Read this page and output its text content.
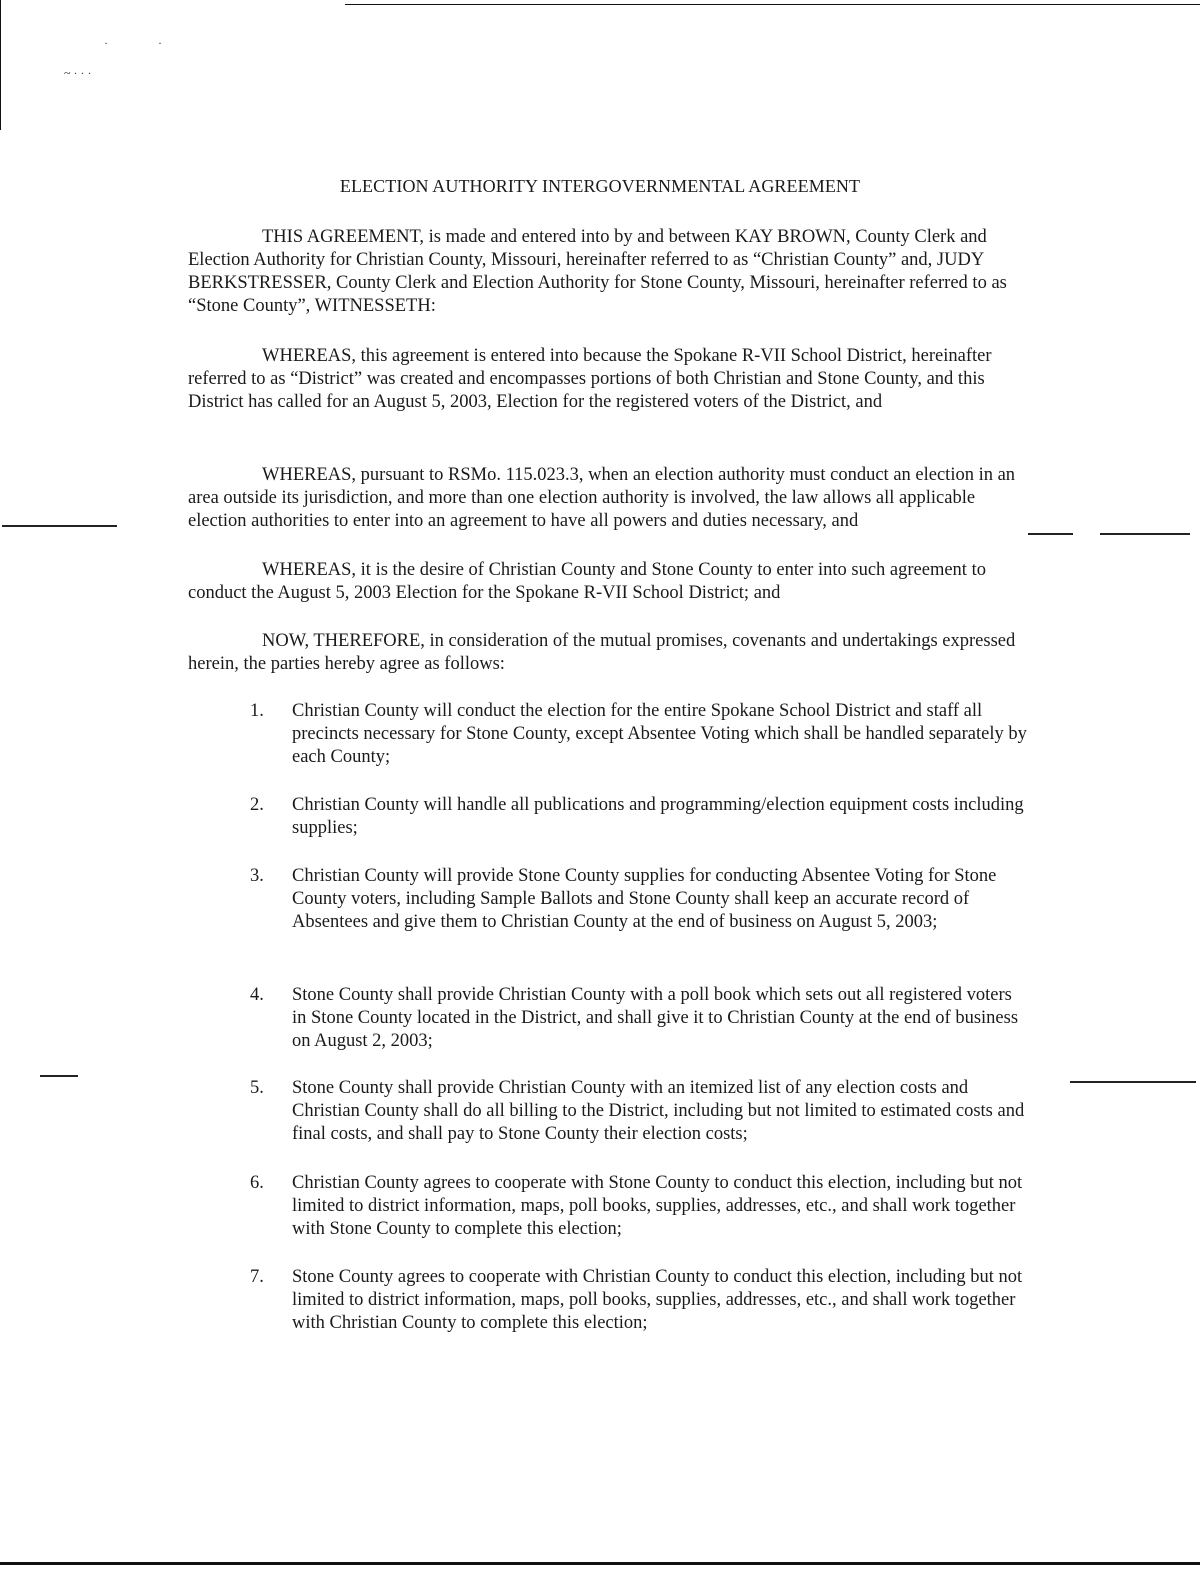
·	·
~ · · ·
ELECTION AUTHORITY INTERGOVERNMENTAL AGREEMENT

THIS AGREEMENT, is made and entered into by and between KAY BROWN, County Clerk and Election Authority for Christian County, Missouri, hereinafter referred to as “Christian County” and, JUDY BERKSTRESSER, County Clerk and Election Authority for Stone County, Missouri, hereinafter referred to as “Stone County”, WITNESSETH:

WHEREAS, this agreement is entered into because the Spokane R-VII School District, hereinafter referred to as “District” was created and encompasses portions of both Christian and Stone County, and this District has called for an August 5, 2003, Election for the registered voters of the District, and

WHEREAS, pursuant to RSMo. 115.023.3, when an election authority must conduct an election in an area outside its jurisdiction, and more than one election authority is involved, the law allows all applicable election authorities to enter into an agreement to have all powers and duties necessary, and

WHEREAS, it is the desire of Christian County and Stone County to enter into such agreement to conduct the August 5, 2003 Election for the Spokane R-VII School District; and

NOW, THEREFORE, in consideration of the mutual promises, covenants and undertakings expressed herein, the parties hereby agree as follows:

1.	Christian County will conduct the election for the entire Spokane School District and staff all precincts necessary for Stone County, except Absentee Voting which shall be handled separately by each County;
2.	Christian County will handle all publications and programming/election equipment costs including supplies;
3.	Christian County will provide Stone County supplies for conducting Absentee Voting for Stone County voters, including Sample Ballots and Stone County shall keep an accurate record of Absentees and give them to Christian County at the end of business on August 5, 2003;
4.	Stone County shall provide Christian County with a poll book which sets out all registered voters in Stone County located in the District, and shall give it to Christian County at the end of business on August 2, 2003;
5.	Stone County shall provide Christian County with an itemized list of any election costs and Christian County shall do all billing to the District, including but not limited to estimated costs and final costs, and shall pay to Stone County their election costs;
6.	Christian County agrees to cooperate with Stone County to conduct this election, including but not limited to district information, maps, poll books, supplies, addresses, etc., and shall work together with Stone County to complete this election;
7.	Stone County agrees to cooperate with Christian County to conduct this election, including but not limited to district information, maps, poll books, supplies, addresses, etc., and shall work together with Christian County to complete this election;
